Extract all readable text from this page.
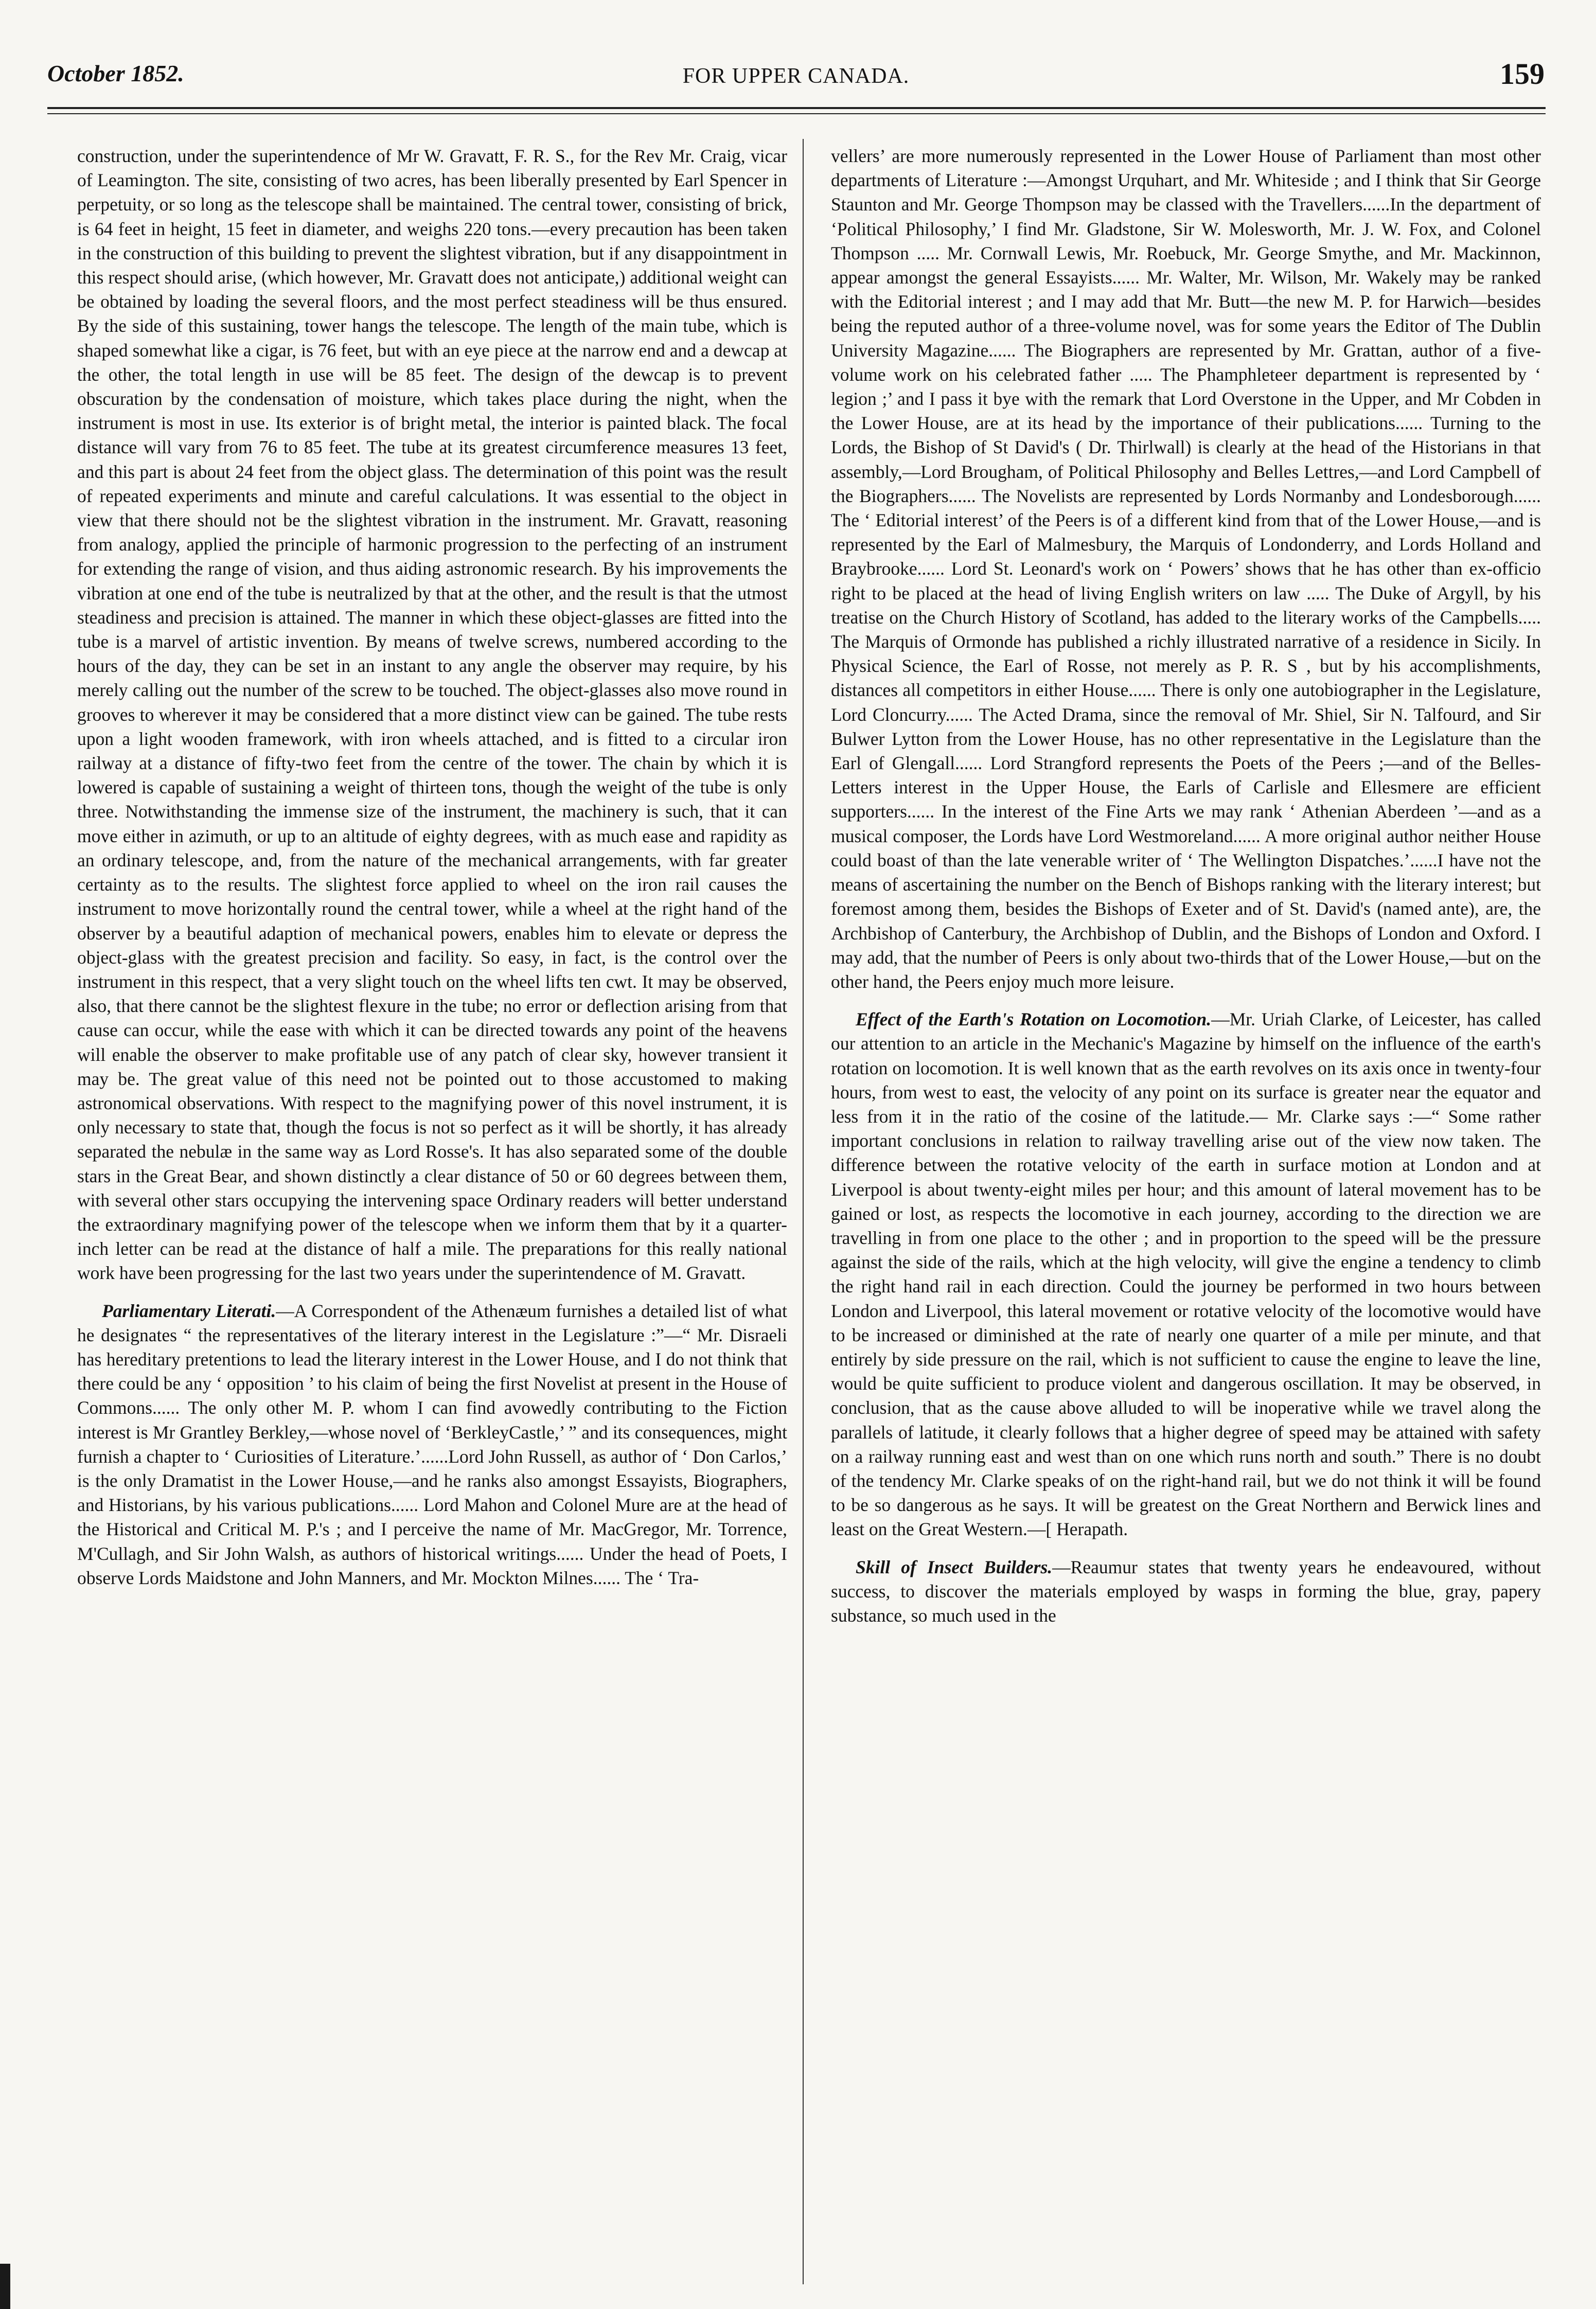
October 1852.	FOR UPPER CANADA.	159

construction, under the superintendence of Mr W. Gravatt, F. R. S., for the Rev Mr. Craig, vicar of Leamington. The site, consisting of two acres, has been liberally presented by Earl Spencer in perpetuity, or so long as the telescope shall be maintained. The central tower, consisting of brick, is 64 feet in height, 15 feet in diameter, and weighs 220 tons.—every precaution has been taken in the construction of this building to prevent the slightest vibration, but if any disappointment in this respect should arise, (which however, Mr. Gravatt does not anticipate,) additional weight can be obtained by loading the several floors, and the most perfect steadiness will be thus ensured. By the side of this sustaining, tower hangs the telescope. The length of the main tube, which is shaped somewhat like a cigar, is 76 feet, but with an eye piece at the narrow end and a dewcap at the other, the total length in use will be 85 feet. The design of the dewcap is to prevent obscuration by the condensation of moisture, which takes place during the night, when the instrument is most in use. Its exterior is of bright metal, the interior is painted black. The focal distance will vary from 76 to 85 feet. The tube at its greatest circumference measures 13 feet, and this part is about 24 feet from the object glass. The determination of this point was the result of repeated experiments and minute and careful calculations. It was essential to the object in view that there should not be the slightest vibration in the instrument. Mr. Gravatt, reasoning from analogy, applied the principle of harmonic progression to the perfecting of an instrument for extending the range of vision, and thus aiding astronomic research. By his improvements the vibration at one end of the tube is neutralized by that at the other, and the result is that the utmost steadiness and precision is attained. The manner in which these object-glasses are fitted into the tube is a marvel of artistic invention. By means of twelve screws, numbered according to the hours of the day, they can be set in an instant to any angle the observer may require, by his merely calling out the number of the screw to be touched. The object-glasses also move round in grooves to wherever it may be considered that a more distinct view can be gained. The tube rests upon a light wooden framework, with iron wheels attached, and is fitted to a circular iron railway at a distance of fifty-two feet from the centre of the tower. The chain by which it is lowered is capable of sustaining a weight of thirteen tons, though the weight of the tube is only three. Notwithstanding the immense size of the instrument, the machinery is such, that it can move either in azimuth, or up to an altitude of eighty degrees, with as much ease and rapidity as an ordinary telescope, and, from the nature of the mechanical arrangements, with far greater certainty as to the results. The slightest force applied to wheel on the iron rail causes the instrument to move horizontally round the central tower, while a wheel at the right hand of the observer by a beautiful adaption of mechanical powers, enables him to elevate or depress the object-glass with the greatest precision and facility. So easy, in fact, is the control over the instrument in this respect, that a very slight touch on the wheel lifts ten cwt. It may be observed, also, that there cannot be the slightest flexure in the tube; no error or deflection arising from that cause can occur, while the ease with which it can be directed towards any point of the heavens will enable the observer to make profitable use of any patch of clear sky, however transient it may be. The great value of this need not be pointed out to those accustomed to making astronomical observations. With respect to the magnifying power of this novel instrument, it is only necessary to state that, though the focus is not so perfect as it will be shortly, it has already separated the nebulæ in the same way as Lord Rosse's. It has also separated some of the double stars in the Great Bear, and shown distinctly a clear distance of 50 or 60 degrees between them, with several other stars occupying the intervening space Ordinary readers will better understand the extraordinary magnifying power of the telescope when we inform them that by it a quarter-inch letter can be read at the distance of half a mile. The preparations for this really national work have been progressing for the last two years under the superintendence of M. Gravatt.

Parliamentary Literati.—A Correspondent of the Athenæum furnishes a detailed list of what he designates “ the representatives of the literary interest in the Legislature :”—“ Mr. Disraeli has hereditary pretentions to lead the literary interest in the Lower House, and I do not think that there could be any ‘ opposition ’ to his claim of being the first Novelist at present in the House of Commons...... The only other M. P. whom I can find avowedly contributing to the Fiction interest is Mr Grantley Berkley,—whose novel of ‘BerkleyCastle,’ ” and its consequences, might furnish a chapter to ‘ Curiosities of Literature.’......Lord John Russell, as author of ‘ Don Carlos,’ is the only Dramatist in the Lower House,—and he ranks also amongst Essayists, Biographers, and Historians, by his various publications...... Lord Mahon and Colonel Mure are at the head of the Historical and Critical M. P.'s ; and I perceive the name of Mr. MacGregor, Mr. Torrence, M'Cullagh, and Sir John Walsh, as authors of historical writings...... Under the head of Poets, I observe Lords Maidstone and John Manners, and Mr. Mockton Milnes...... The ‘ Tra-

vellers’ are more numerously represented in the Lower House of Parliament than most other departments of Literature :—Amongst Urquhart, and Mr. Whiteside ; and I think that Sir George Staunton and Mr. George Thompson may be classed with the Travellers......In the department of ‘Political Philosophy,’ I find Mr. Gladstone, Sir W. Molesworth, Mr. J. W. Fox, and Colonel Thompson ..... Mr. Cornwall Lewis, Mr. Roebuck, Mr. George Smythe, and Mr. Mackinnon, appear amongst the general Essayists...... Mr. Walter, Mr. Wilson, Mr. Wakely may be ranked with the Editorial interest ; and I may add that Mr. Butt—the new M. P. for Harwich—besides being the reputed author of a three-volume novel, was for some years the Editor of The Dublin University Magazine...... The Biographers are represented by Mr. Grattan, author of a five-volume work on his celebrated father ..... The Phamphleteer department is represented by ‘ legion ;’ and I pass it bye with the remark that Lord Overstone in the Upper, and Mr Cobden in the Lower House, are at its head by the importance of their publications...... Turning to the Lords, the Bishop of St David's ( Dr. Thirlwall) is clearly at the head of the Historians in that assembly,—Lord Brougham, of Political Philosophy and Belles Lettres,—and Lord Campbell of the Biographers...... The Novelists are represented by Lords Normanby and Londesborough...... The ‘ Editorial interest’ of the Peers is of a different kind from that of the Lower House,—and is represented by the Earl of Malmesbury, the Marquis of Londonderry, and Lords Holland and Braybrooke...... Lord St. Leonard's work on ‘ Powers’ shows that he has other than ex-officio right to be placed at the head of living English writers on law ..... The Duke of Argyll, by his treatise on the Church History of Scotland, has added to the literary works of the Campbells..... The Marquis of Ormonde has published a richly illustrated narrative of a residence in Sicily. In Physical Science, the Earl of Rosse, not merely as P. R. S , but by his accomplishments, distances all competitors in either House...... There is only one autobiographer in the Legislature, Lord Cloncurry...... The Acted Drama, since the removal of Mr. Shiel, Sir N. Talfourd, and Sir Bulwer Lytton from the Lower House, has no other representative in the Legislature than the Earl of Glengall...... Lord Strangford represents the Poets of the Peers ;—and of the Belles-Letters interest in the Upper House, the Earls of Carlisle and Ellesmere are efficient supporters...... In the interest of the Fine Arts we may rank ‘ Athenian Aberdeen ’—and as a musical composer, the Lords have Lord Westmoreland...... A more original author neither House could boast of than the late venerable writer of ‘ The Wellington Dispatches.’......I have not the means of ascertaining the number on the Bench of Bishops ranking with the literary interest; but foremost among them, besides the Bishops of Exeter and of St. David's (named ante), are, the Archbishop of Canterbury, the Archbishop of Dublin, and the Bishops of London and Oxford. I may add, that the number of Peers is only about two-thirds that of the Lower House,—but on the other hand, the Peers enjoy much more leisure.

Effect of the Earth's Rotation on Locomotion.—Mr. Uriah Clarke, of Leicester, has called our attention to an article in the Mechanic's Magazine by himself on the influence of the earth's rotation on locomotion. It is well known that as the earth revolves on its axis once in twenty-four hours, from west to east, the velocity of any point on its surface is greater near the equator and less from it in the ratio of the cosine of the latitude.— Mr. Clarke says :—“ Some rather important conclusions in relation to railway travelling arise out of the view now taken. The difference between the rotative velocity of the earth in surface motion at London and at Liverpool is about twenty-eight miles per hour; and this amount of lateral movement has to be gained or lost, as respects the locomotive in each journey, according to the direction we are travelling in from one place to the other ; and in proportion to the speed will be the pressure against the side of the rails, which at the high velocity, will give the engine a tendency to climb the right hand rail in each direction. Could the journey be performed in two hours between London and Liverpool, this lateral movement or rotative velocity of the locomotive would have to be increased or diminished at the rate of nearly one quarter of a mile per minute, and that entirely by side pressure on the rail, which is not sufficient to cause the engine to leave the line, would be quite sufficient to produce violent and dangerous oscillation. It may be observed, in conclusion, that as the cause above alluded to will be inoperative while we travel along the parallels of latitude, it clearly follows that a higher degree of speed may be attained with safety on a railway running east and west than on one which runs north and south.” There is no doubt of the tendency Mr. Clarke speaks of on the right-hand rail, but we do not think it will be found to be so dangerous as he says. It will be greatest on the Great Northern and Berwick lines and least on the Great Western.—[ Herapath.

Skill of Insect Builders.—Reaumur states that twenty years he endeavoured, without success, to discover the materials employed by wasps in forming the blue, gray, papery substance, so much used in the
